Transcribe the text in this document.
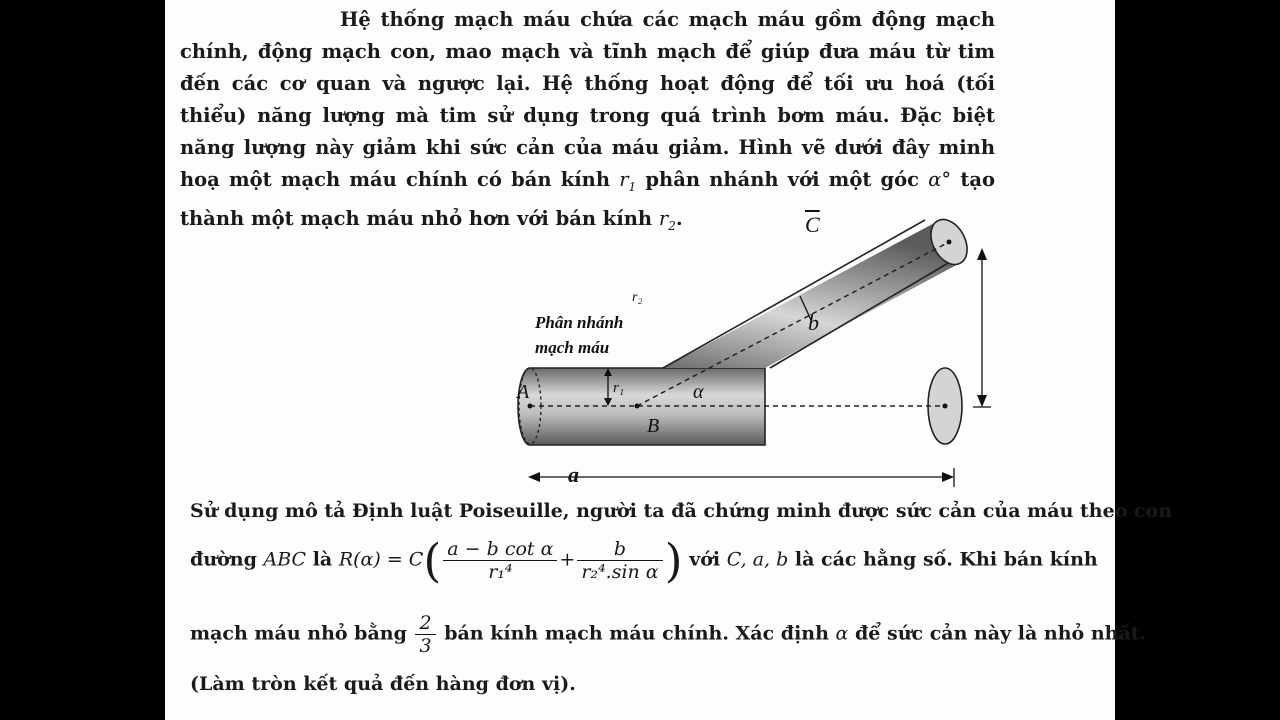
Hệ thống mạch máu chứa các mạch máu gồm động mạch chính, động mạch con, mao mạch và tĩnh mạch để giúp đưa máu từ tim đến các cơ quan và ngược lại. Hệ thống hoạt động để tối ưu hoá (tối thiểu) năng lượng mà tim sử dụng trong quá trình bơm máu. Đặc biệt năng lượng này giảm khi sức cản của máu giảm. Hình vẽ dưới đây minh hoạ một mạch máu chính có bán kính $r_1$ phân nhánh với một góc α° tạo thành một mạch máu nhỏ hơn với bán kính $r_2$.
Phân nhánh
mạch máu
A
B
r₁	α
$\overline{C}$
b
r₂
a
Sử dụng mô tả Định luật Poiseuille, người ta đã chứng minh được sức cản của máu theo con
đường ABC là $R(\alpha) = C( \frac{\text{a − b cot α}}{\text{r₁⁴}} + \frac{b}{\text{r₂⁴.sin α}}$ ) với C, a, b là các hằng số. Khi bán kính
mạch máu nhỏ bằng $\frac{2}{3}$ bán kính mạch máu chính. Xác định α để sức cản này là nhỏ nhất.
(Làm tròn kết quả đến hàng đơn vị).
